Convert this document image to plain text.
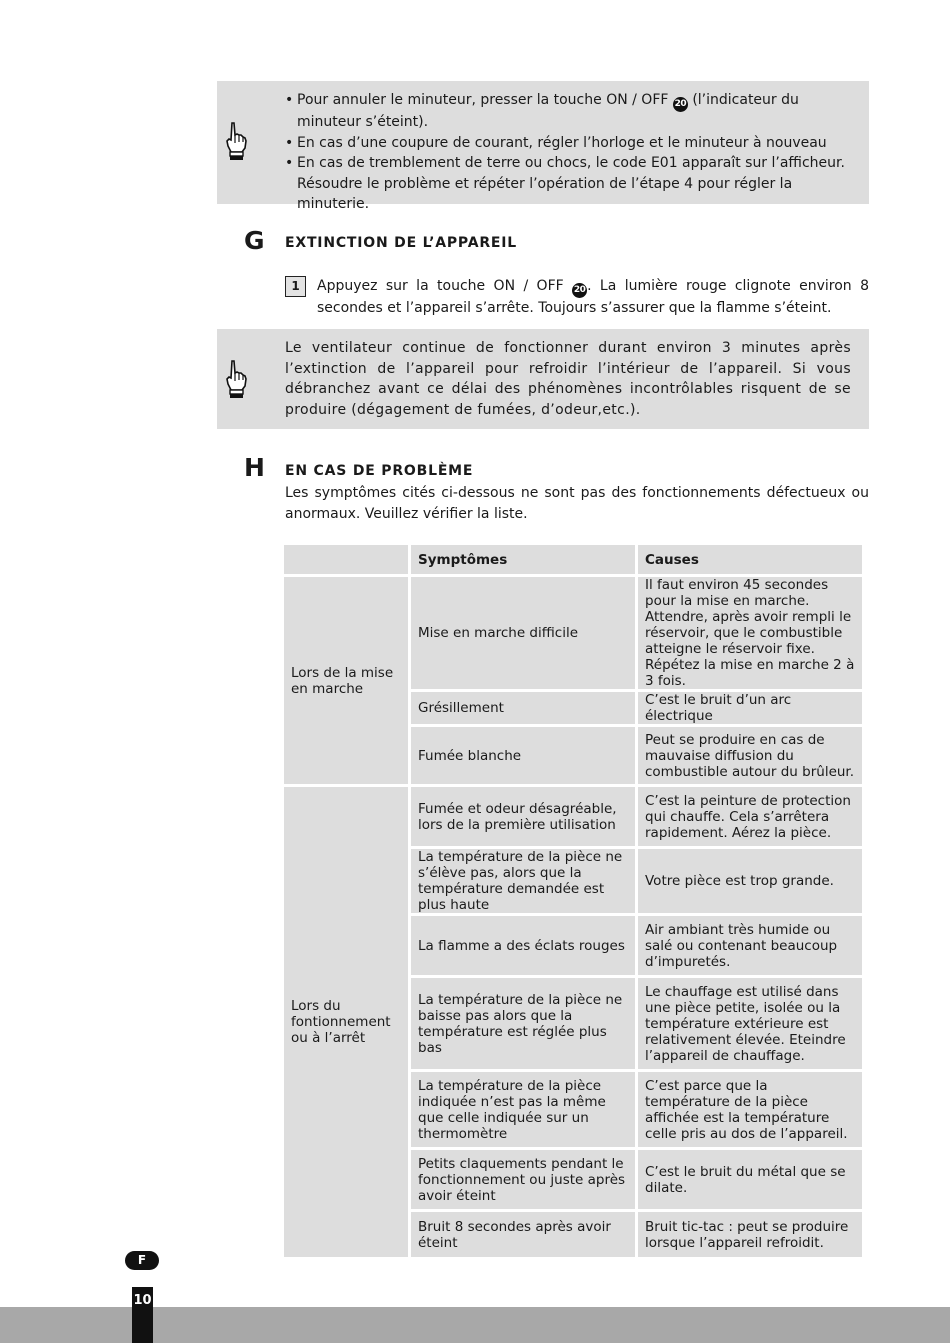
• Pour annuler le minuteur, presser la touche ON / OFF 20 (l’indicateur du minuteur s’éteint).
• En cas d’une coupure de courant, régler l’horloge et le minuteur à nouveau
• En cas de tremblement de terre ou chocs, le code E01 apparaît sur l’afficheur. Résoudre le problème et répéter l’opération de l’étape 4 pour régler la minuterie.
G EXTINCTION DE L’APPAREIL
1	Appuyez sur la touche ON / OFF 20 . La lumière rouge clignote environ 8 secondes et l’appareil s’arrête. Toujours s’assurer que la flamme s’éteint.
Le ventilateur continue de fonctionner durant environ 3 minutes après l’extinction de l’appareil pour refroidir l’intérieur de l’appareil. Si vous débranchez avant ce délai des phénomènes incontrôlables risquent de se produire (dégagement de fumées, d’odeur,etc.).
H EN CAS DE PROBLÈME
Les symptômes cités ci-dessous ne sont pas des fonctionnements défectueux ou anormaux. Veuillez vérifier la liste.
	Symptômes	Causes
Lors de la mise en marche	Mise en marche difficile	Il faut environ 45 secondes pour la mise en marche. Attendre, après avoir rempli le réservoir, que le combustible atteigne le réservoir fixe. Répétez la mise en marche 2 à 3 fois.
	Grésillement	C’est le bruit d’un arc électrique
	Fumée blanche	Peut se produire en cas de mauvaise diffusion du combustible autour du brûleur.
Lors du fontionnement ou à l’arrêt	Fumée et odeur désagréable, lors de la première utilisation	C’est la peinture de protection qui chauffe. Cela s’arrêtera rapidement. Aérez la pièce.
	La température de la pièce ne s’élève pas, alors que la température demandée est plus haute	Votre pièce est trop grande.
	La flamme a des éclats rouges	Air ambiant très humide ou salé ou contenant beaucoup d’impuretés.
	La température de la pièce ne baisse pas alors que la température est réglée plus bas	Le chauffage est utilisé dans une pièce petite, isolée ou la température extérieure est relativement élevée. Eteindre l’appareil de chauffage.
	La température de la pièce indiquée n’est pas la même que celle indiquée sur un thermomètre	C’est parce que la température de la pièce affichée est la température celle pris au dos de l’appareil.
	Petits claquements pendant le fonctionnement ou juste après avoir éteint	C’est le bruit du métal que se dilate.
	Bruit 8 secondes après avoir éteint	Bruit tic-tac : peut se produire lorsque l’appareil refroidit.
F
10
